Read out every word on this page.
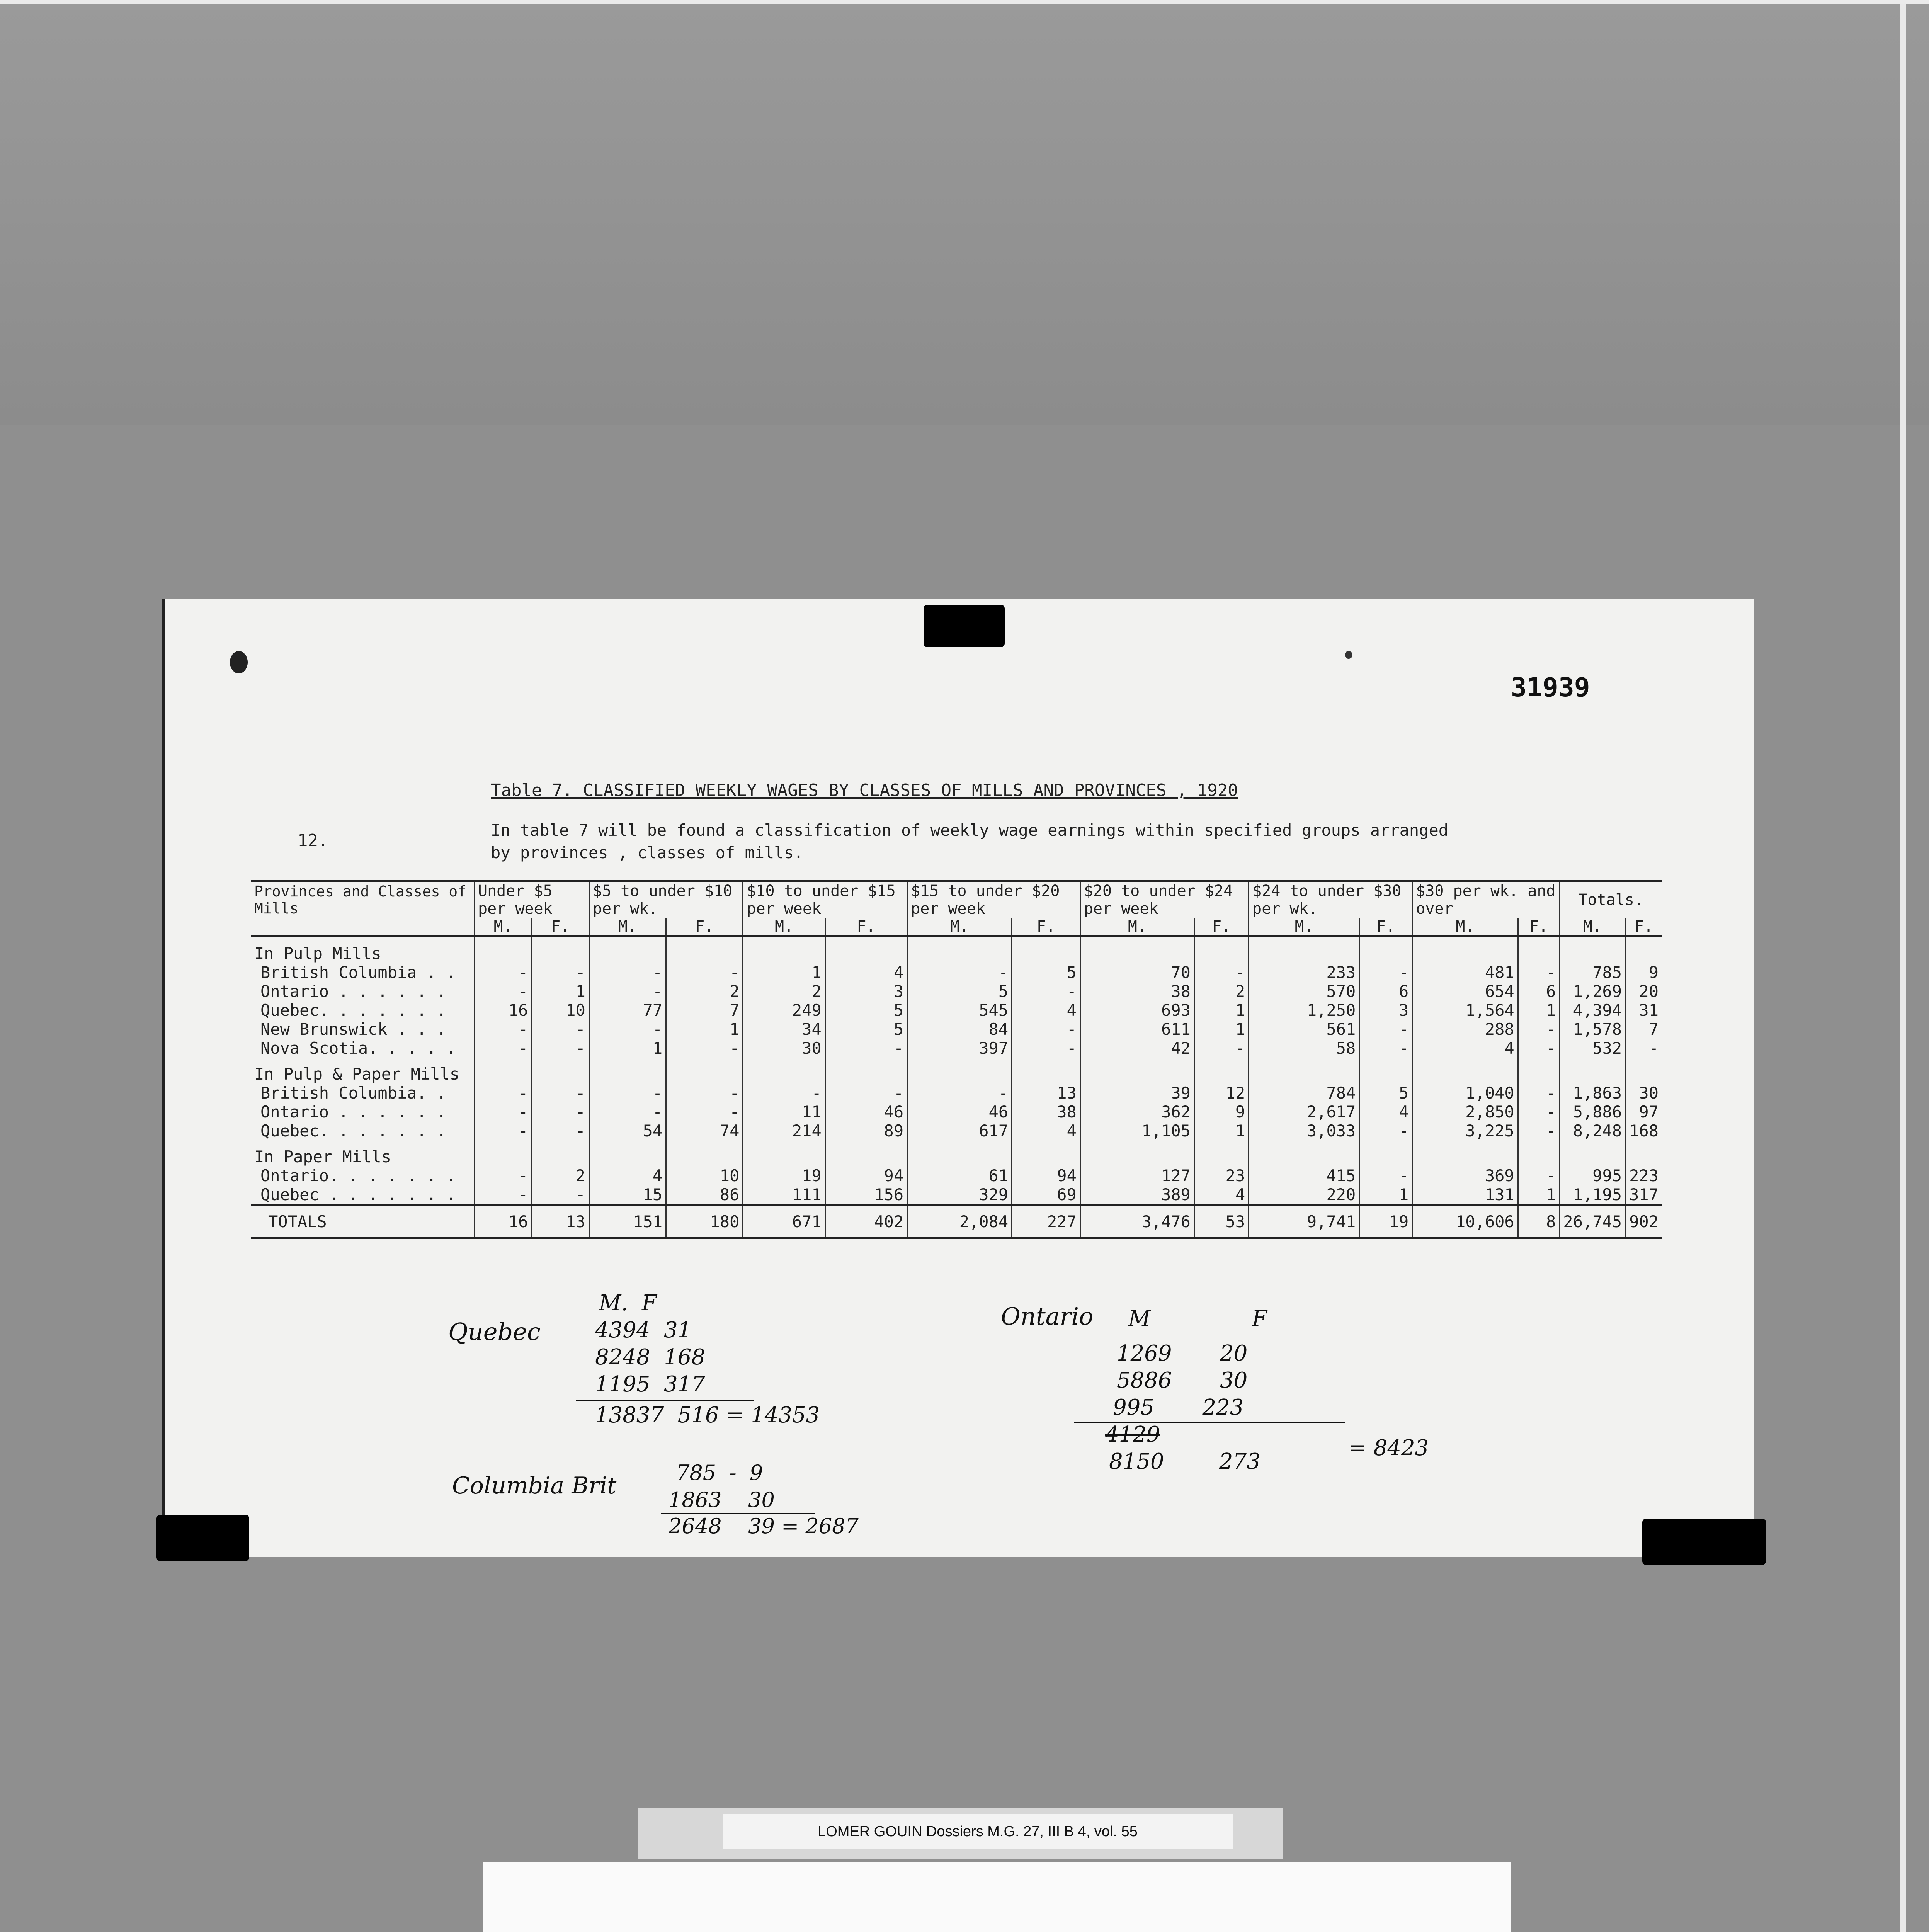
31939
Table 7. CLASSIFIED WEEKLY WAGES BY CLASSES OF MILLS AND PROVINCES , 1920
12.
In table 7 will be found a classification of weekly wage earnings within specified groups arranged by provinces , classes of mills.
Provinces and Classes of Mills	Under $5 per week		$5 to under $10 per wk.		$10 to under $15 per week		$15 to under $20 per week		$20 to under $24 per week		$24 to under $30 per wk.		$30 per wk. and over		Totals.	
	M.	F.	M.	F.	M.	F.	M.	F.	M.	F.	M.	F.	M.	F.	M.	F.
In Pulp Mills																
British Columbia . .	-	-	-	-	1	4	-	5	70	-	233	-	481	-	785	9
Ontario . . . . . .	-	1	-	2	2	3	5	-	38	2	570	6	654	6	1,269	20
Quebec. . . . . . .	16	10	77	7	249	5	545	4	693	1	1,250	3	1,564	1	4,394	31
New Brunswick . . .	-	-	-	1	34	5	84	-	611	1	561	-	288	-	1,578	7
Nova Scotia. . . . .	-	-	1	-	30	-	397	-	42	-	58	-	4	-	532	-
In Pulp & Paper Mills																
British Columbia. .	-	-	-	-	-	-	-	13	39	12	784	5	1,040	-	1,863	30
Ontario . . . . . .	-	-	-	-	11	46	46	38	362	9	2,617	4	2,850	-	5,886	97
Quebec. . . . . . .	-	-	54	74	214	89	617	4	1,105	1	3,033	-	3,225	-	8,248	168
In Paper Mills																
Ontario. . . . . . .	-	2	4	10	19	94	61	94	127	23	415	-	369	-	995	223
Quebec . . . . . . .	-	-	15	86	111	156	329	69	389	4	220	1	131	1	1,195	317
TOTALS	16	13	151	180	671	402	2,084	227	3,476	53	9,741	19	10,606	8	26,745	902
Quebec
M.  F
4394  31
8248  168
1195  317
13837  516 = 14353
Columbia Brit	785  -  9
1863    30
2648    39 = 2687
Ontario M	F
1269       20
5886       30
995       223
4129
8150        273
= 8423
LOMER GOUIN Dossiers M.G. 27, III B 4, vol. 55
